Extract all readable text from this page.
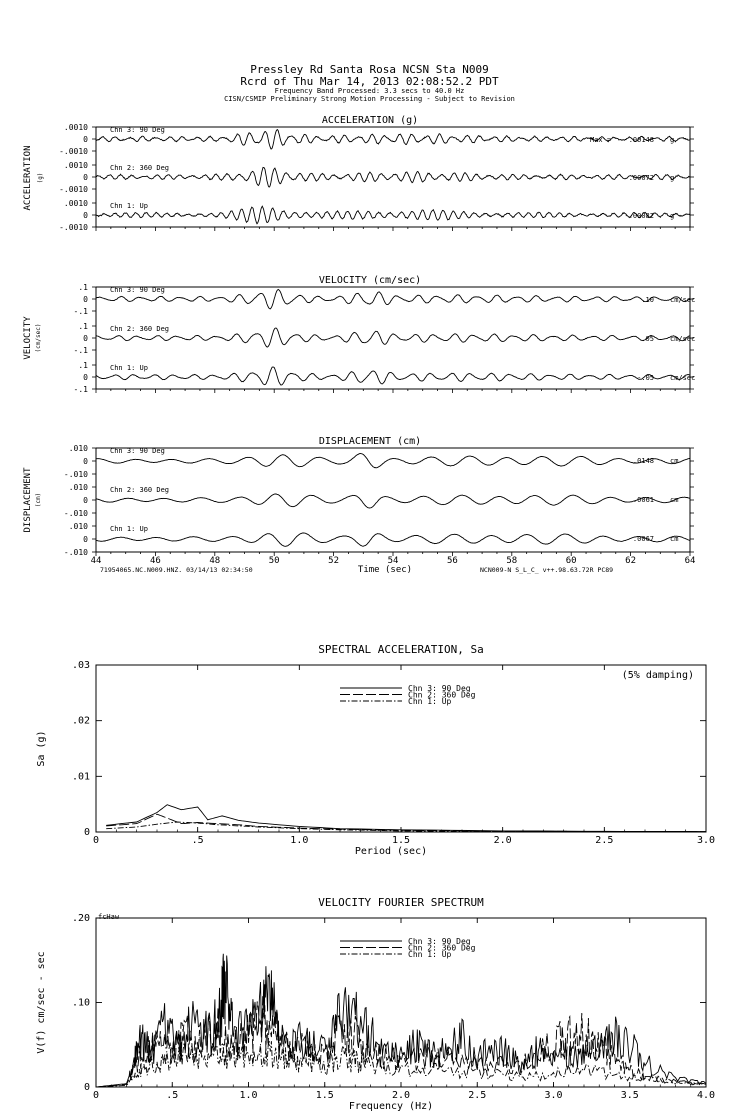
Pressley Rd Santa Rosa NCSN Sta N009
Rcrd of Thu Mar 14, 2013 02:08:52.2 PDT
Frequency Band Processed: 3.3 secs to 40.0 Hz
CISN/CSMIP Preliminary Strong Motion Processing - Subject to Revision
ACCELERATION (g)
ACCELERATION (g)
.0010
0
-.0010
Chn 3: 90 Deg
Max =	.00148 g
.0010
0
-.0010
Chn 2: 360 Deg
.00072 g
.0010
0
-.0010
Chn 1: Up
-.00082 g
VELOCITY (cm/sec)
VELOCITY (cm/sec)
.1
0
-.1
Chn 3: 90 Deg
.10 cm/sec
.1
0
-.1
Chn 2: 360 Deg
.05 cm/sec
.1
0
-.1
Chn 1: Up
-.05 cm/sec
DISPLACEMENT (cm)
DISPLACEMENT (cm)
.010
0
-.010
Chn 3: 90 Deg
.0148 cm
.010
0
-.010
Chn 2: 360 Deg
.0061 cm
.010
0
-.010
Chn 1: Up
.0067 cm
44	46	48	50	52	54	56	58	60	62	64
Time (sec)
71954065.NC.N009.HNZ. 03/14/13 02:34:50	NCN009-N S_L_C_ v++.98.63.72R PC89
SPECTRAL ACCELERATION, Sa
0	.5	1.0	1.5	2.0	2.5	3.0
0
.01
.02
.03
Period (sec)
Sa (g)
(5% damping)
Chn 3: 90 Deg
Chn 2: 360 Deg
Chn 1: Up
VELOCITY FOURIER SPECTRUM
0	.5	1.0	1.5	2.0	2.5	3.0	3.5	4.0
0
.10
.20
Frequency (Hz)
V(f) cm/sec - sec
fcHaw
Chn 3: 90 Deg
Chn 2: 360 Deg
Chn 1: Up
